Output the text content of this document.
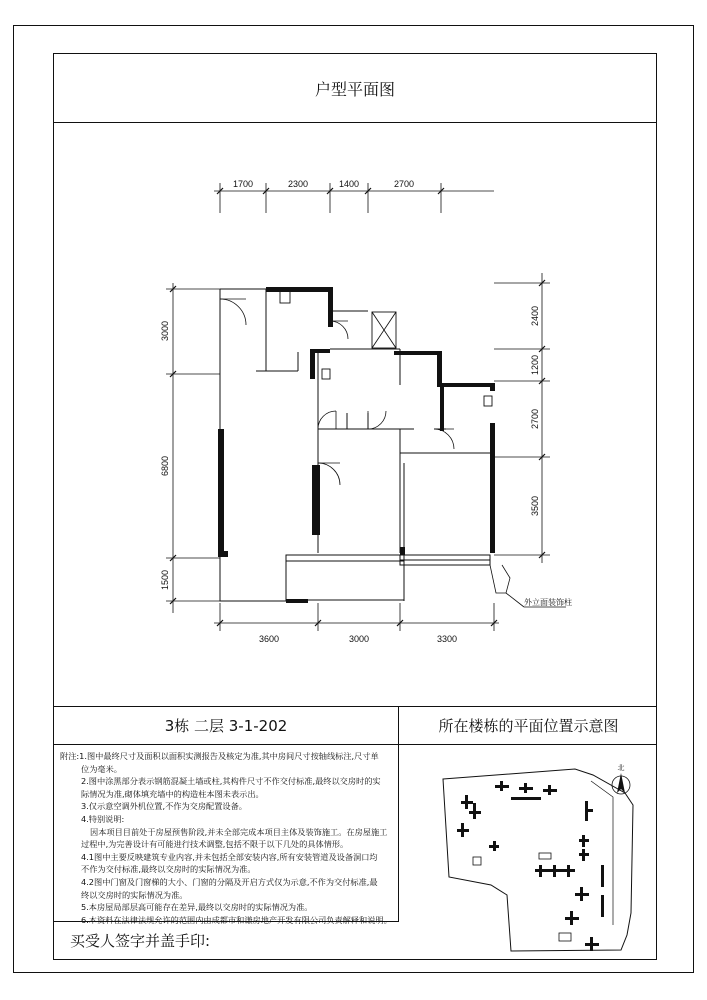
户型平面图
1700	2300	1400	2700
3600	3000	3300
3000
6800
1500
2400
1200
2700
3500
外立面装饰柱
3栋 二层 3-1-202	所在楼栋的平面位置示意图

附注:1.图中最终尺寸及面积以面积实测报告及核定为准,其中房间尺寸按轴线标注,尺寸单

位为毫米。

2.图中涂黑部分表示钢筋混凝土墙或柱,其构件尺寸不作交付标准,最终以交房时的实

际情况为准,砌体填充墙中的构造柱本图未表示出。

3.仅示意空调外机位置,不作为交房配置设备。

4.特别说明:

因本项目目前处于房屋预售阶段,并未全部完成本项目主体及装饰施工。在房屋施工

过程中,为完善设计有可能进行技术调整,包括不限于以下几处的具体情形。

4.1图中主要反映建筑专业内容,并未包括全部安装内容,所有安装管道及设备洞口均

不作为交付标准,最终以交房时的实际情况为准。

4.2图中门窗及门窗梯的大小、门窗的分隔及开启方式仅为示意,不作为交付标准,最

终以交房时的实际情况为准。

5.本房屋局部层高可能存在差异,最终以交房时的实际情况为准。

6.本资料在法律法规允许的范围内由成都市和谦房地产开发有限公司负责解释和说明。

买受人签字并盖手印:
北
